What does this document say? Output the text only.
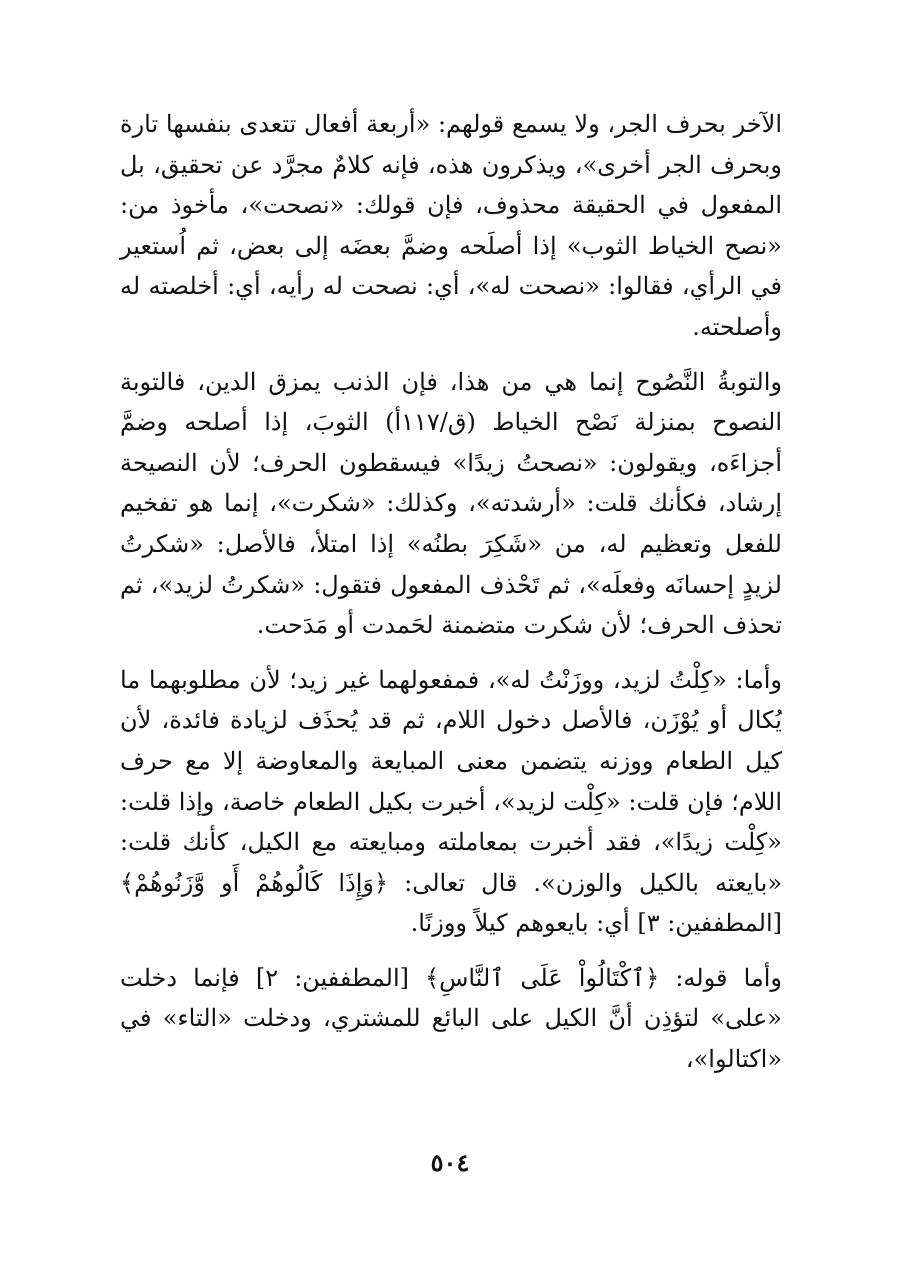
الآخر بحرف الجر، ولا يسمع قولهم: «أربعة أفعال تتعدى بنفسها تارة وبحرف الجر أخرى»، ويذكرون هذه، فإنه كلامٌ مجرَّد عن تحقيق، بل المفعول في الحقيقة محذوف، فإن قولك: «نصحت»، مأخوذ من: «نصح الخياط الثوب» إذا أصلَحه وضمَّ بعضَه إلى بعض، ثم اُستعير في الرأي، فقالوا: «نصحت له»، أي: نصحت له رأيه، أي: أخلصته له وأصلحته.

والتوبةُ النَّصُوح إنما هي من هذا، فإن الذنب يمزق الدين، فالتوبة النصوح بمنزلة نَصْح الخياط (ق/١١٧أ) الثوبَ، إذا أصلحه وضمَّ أجزاءَه، ويقولون: «نصحتُ زيدًا» فيسقطون الحرف؛ لأن النصيحة إرشاد، فكأنك قلت: «أرشدته»، وكذلك: «شكرت»، إنما هو تفخيم للفعل وتعظيم له، من «شَكِرَ بطنُه» إذا امتلأ، فالأصل: «شكرتُ لزيدٍ إحسانَه وفعلَه»، ثم تَحْذف المفعول فتقول: «شكرتُ لزيد»، ثم تحذف الحرف؛ لأن شكرت متضمنة لحَمدت أو مَدَحت.

وأما: «كِلْتُ لزيد، ووزَنْتُ له»، فمفعولهما غير زيد؛ لأن مطلوبهما ما يُكال أو يُوْزَن، فالأصل دخول اللام، ثم قد يُحذَف لزيادة فائدة، لأن كيل الطعام ووزنه يتضمن معنى المبايعة والمعاوضة إلا مع حرف اللام؛ فإن قلت: «كِلْت لزيد»، أخبرت بكيل الطعام خاصة، وإذا قلت: «كِلْت زيدًا»، فقد أخبرت بمعاملته ومبايعته مع الكيل، كأنك قلت: «بايعته بالكيل والوزن». قال تعالى: ﴿وَإِذَا كَالُوهُمْ أَو وَّزَنُوهُمْ﴾ [المطففين: ٣] أي: بايعوهم كيلاً ووزنًا.

وأما قوله: ﴿ٱكْتَالُواْ عَلَى ٱلنَّاسِ﴾ [المطففين: ٢] فإنما دخلت «على» لتؤذِن أنَّ الكيل على البائع للمشتري، ودخلت «التاء» في «اكتالوا»،

٥٠٤
